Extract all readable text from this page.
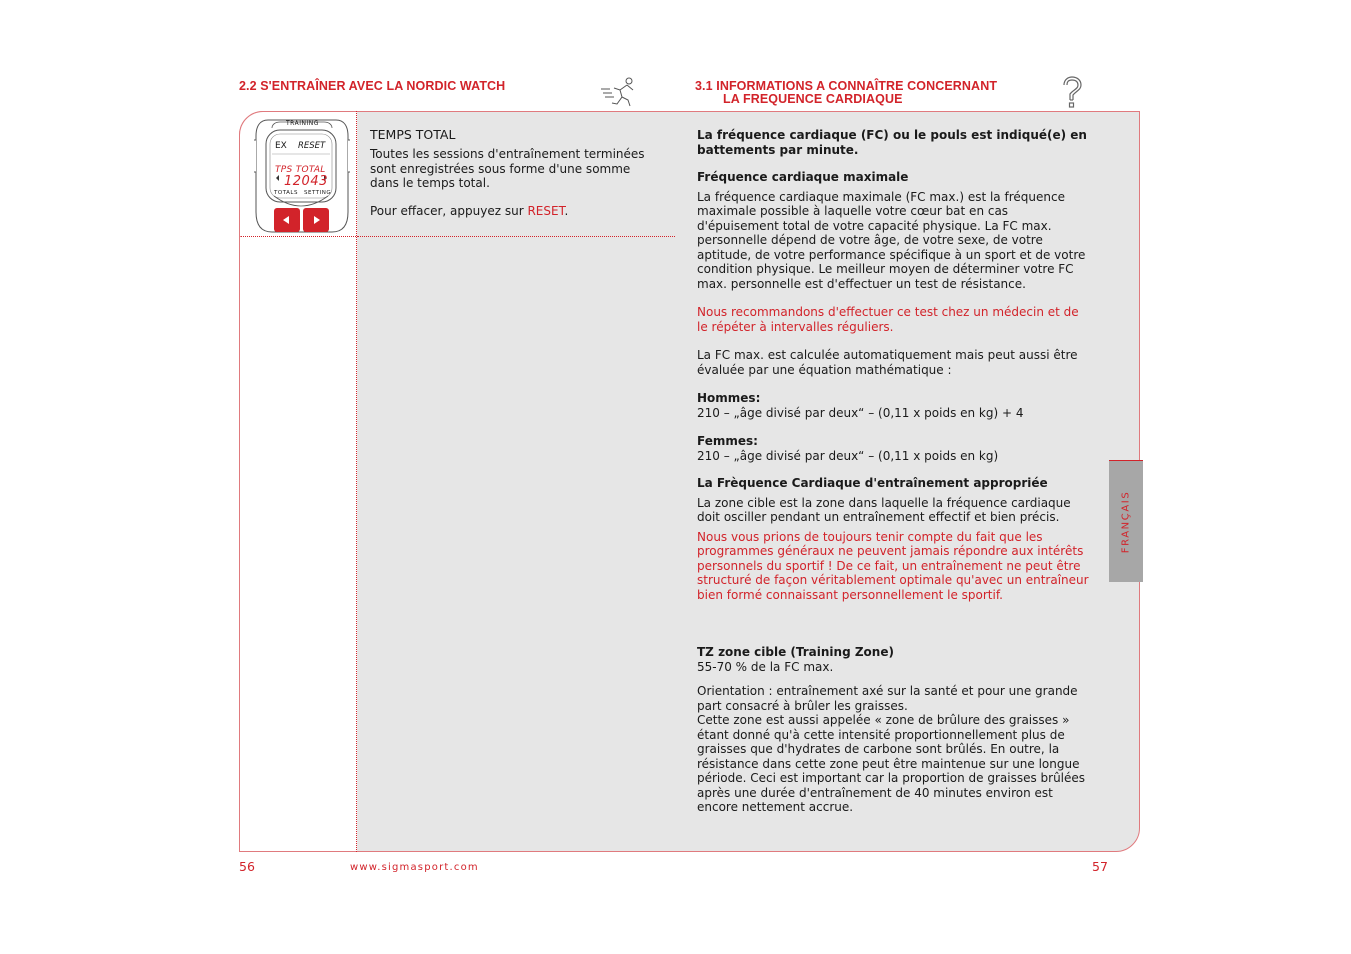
2.2 S'ENTRAÎNER AVEC LA NORDIC WATCH	3.1 INFORMATIONS A CONNAÎTRE CONCERNANT
LA FREQUENCE CARDIAQUE
TRAINING
EX RESET
TPS TOTAL
12043
TOTALS SETTING
TEMPS TOTAL

Toutes les sessions d'entraînement terminées sont enregistrées sous forme d'une somme dans le temps total.

Pour effacer, appuyez sur RESET.

La fréquence cardiaque (FC) ou le pouls est indiqué(e) en battements par minute.

Fréquence cardiaque maximale

La fréquence cardiaque maximale (FC max.) est la fréquence maximale possible à laquelle votre cœur bat en cas d'épuisement total de votre capacité physique. La FC max. personnelle dépend de votre âge, de votre sexe, de votre aptitude, de votre performance spécifique à un sport et de votre condition physique. Le meilleur moyen de déterminer votre FC max. personnelle est d'effectuer un test de résistance.

Nous recommandons d'effectuer ce test chez un médecin et de le répéter à intervalles réguliers.

La FC max. est calculée automatiquement mais peut aussi être évaluée par une équation mathématique :

Hommes:

210 – „âge divisé par deux“ – (0,11 x poids en kg) + 4

Femmes:

210 – „âge divisé par deux“ – (0,11 x poids en kg)

La Frèquence Cardiaque d'entraînement appropriée

La zone cible est la zone dans laquelle la fréquence cardiaque doit osciller pendant un entraînement effectif et bien précis.

Nous vous prions de toujours tenir compte du fait que les programmes généraux ne peuvent jamais répondre aux intérêts personnels du sportif ! De ce fait, un entraînement ne peut être structuré de façon véritablement optimale qu'avec un entraîneur bien formé connaissant personnellement le sportif.

TZ zone cible (Training Zone)

55-70 % de la FC max.

Orientation : entraînement axé sur la santé et pour une grande part consacré à brûler les graisses.

Cette zone est aussi appelée « zone de brûlure des graisses » étant donné qu'à cette intensité proportionnellement plus de graisses que d'hydrates de carbone sont brûlés. En outre, la résistance dans cette zone peut être maintenue sur une longue période. Ceci est important car la proportion de graisses brûlées après une durée d'entraînement de 40 minutes environ est encore nettement accrue.

FRANÇAIS
56	www.sigmasport.com	57
